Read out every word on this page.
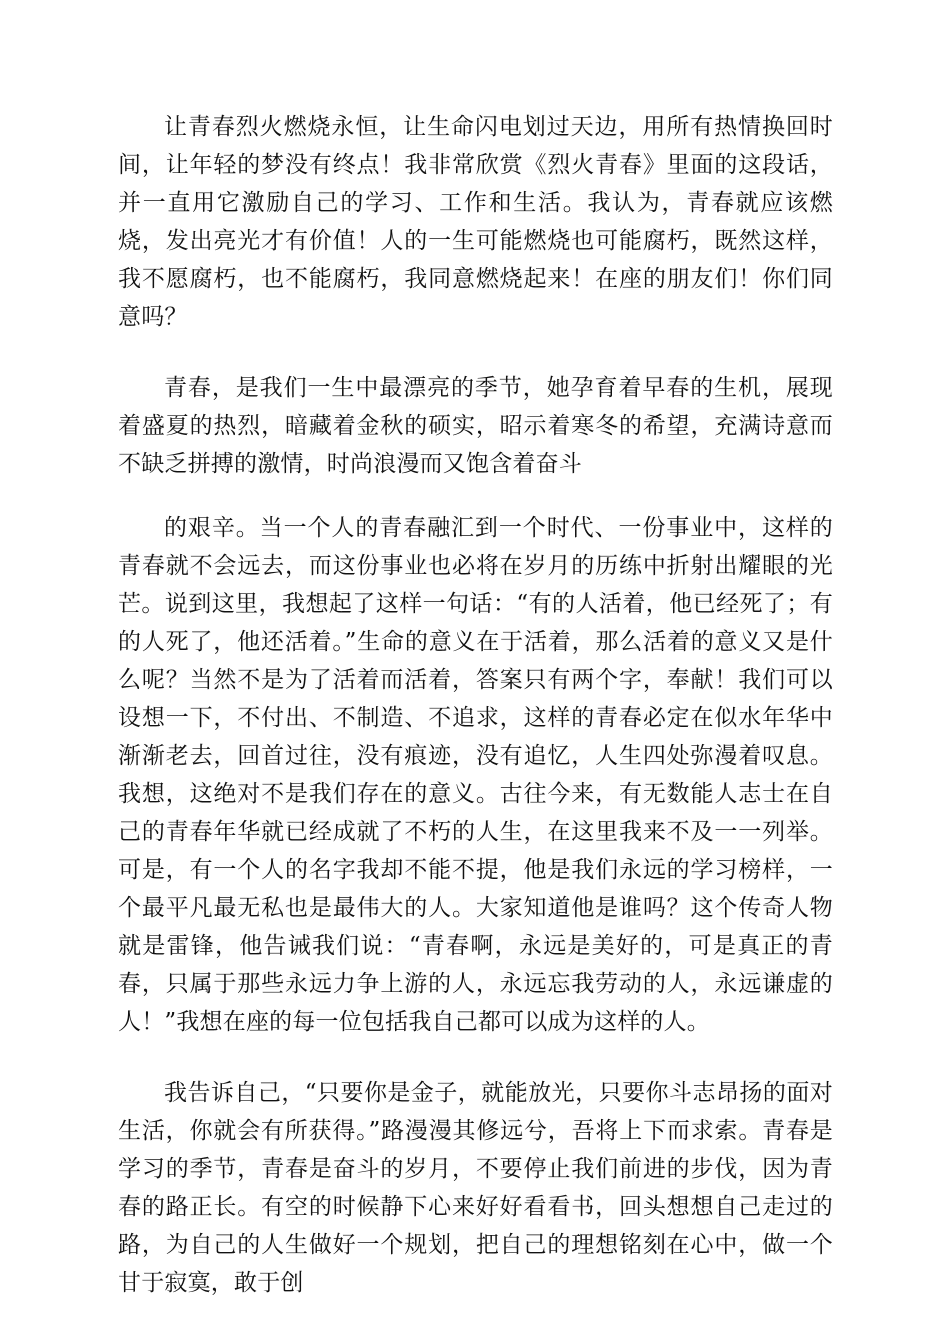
让青春烈火燃烧永恒，让生命闪电划过天边，用所有热情换回时间，让年轻的梦没有终点！我非常欣赏《烈火青春》里面的这段话，并一直用它激励自己的学习、工作和生活。我认为，青春就应该燃烧，发出亮光才有价值！人的一生可能燃烧也可能腐朽，既然这样，我不愿腐朽，也不能腐朽，我同意燃烧起来！在座的朋友们！你们同意吗？

青春，是我们一生中最漂亮的季节，她孕育着早春的生机，展现着盛夏的热烈，暗藏着金秋的硕实，昭示着寒冬的希望，充满诗意而不缺乏拼搏的激情，时尚浪漫而又饱含着奋斗

的艰辛。当一个人的青春融汇到一个时代、一份事业中，这样的青春就不会远去，而这份事业也必将在岁月的历练中折射出耀眼的光芒。说到这里，我想起了这样一句话：“有的人活着，他已经死了；有的人死了，他还活着。”生命的意义在于活着，那么活着的意义又是什么呢？当然不是为了活着而活着，答案只有两个字，奉献！我们可以设想一下，不付出、不制造、不追求，这样的青春必定在似水年华中渐渐老去，回首过往，没有痕迹，没有追忆，人生四处弥漫着叹息。我想，这绝对不是我们存在的意义。古往今来，有无数能人志士在自己的青春年华就已经成就了不朽的人生，在这里我来不及一一列举。可是，有一个人的名字我却不能不提，他是我们永远的学习榜样，一个最平凡最无私也是最伟大的人。大家知道他是谁吗？这个传奇人物就是雷锋，他告诫我们说：“青春啊，永远是美好的，可是真正的青春，只属于那些永远力争上游的人，永远忘我劳动的人，永远谦虚的人！”我想在座的每一位包括我自己都可以成为这样的人。

我告诉自己，“只要你是金子，就能放光，只要你斗志昂扬的面对生活，你就会有所获得。”路漫漫其修远兮，吾将上下而求索。青春是学习的季节，青春是奋斗的岁月，不要停止我们前进的步伐，因为青春的路正长。有空的时候静下心来好好看看书，回头想想自己走过的路，为自己的人生做好一个规划，把自己的理想铭刻在心中，做一个甘于寂寞，敢于创
